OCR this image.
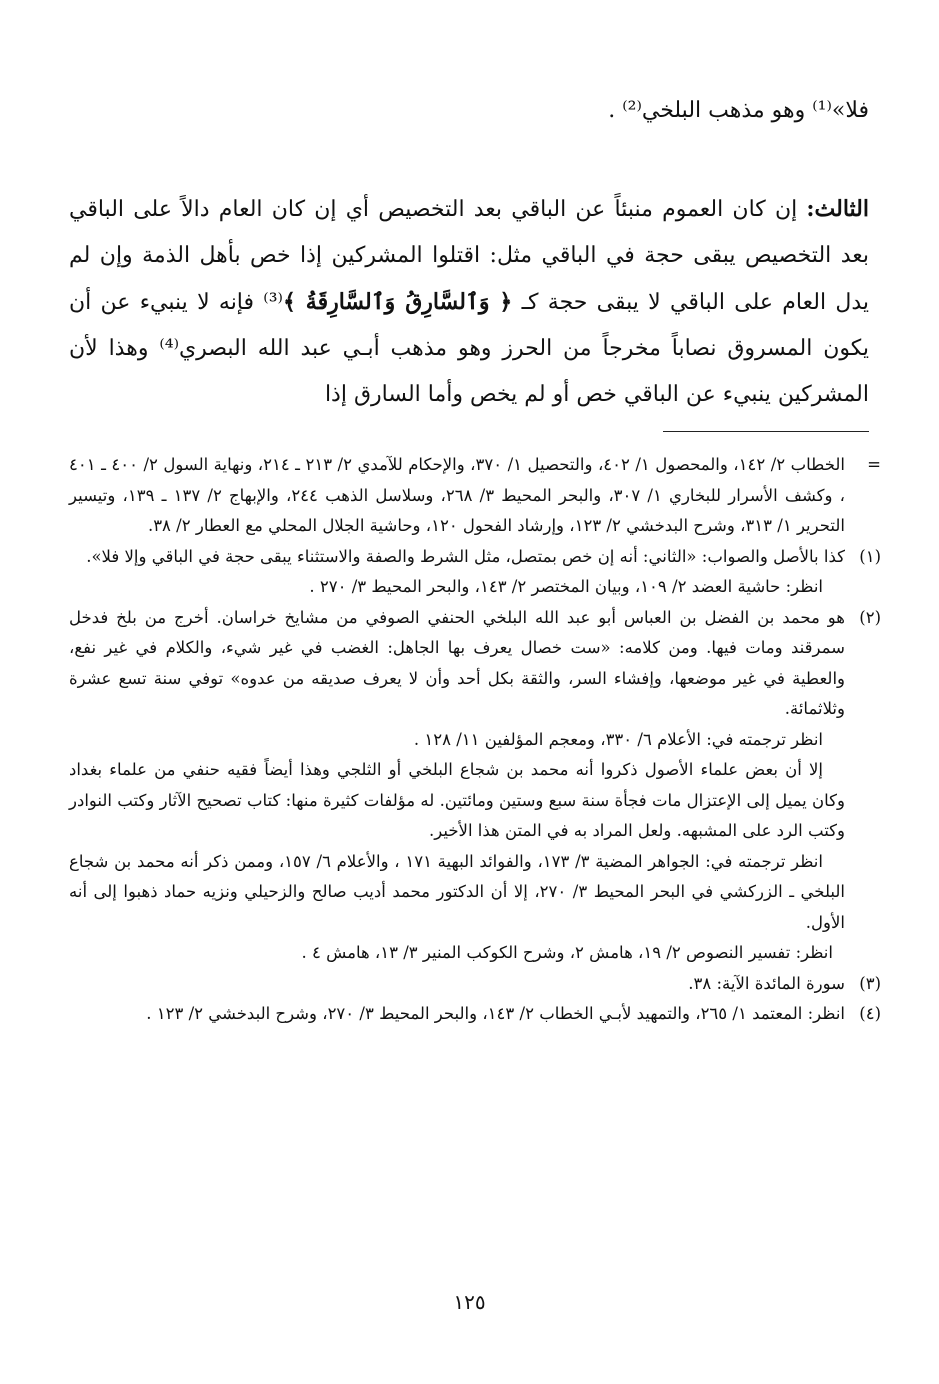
فلا»⁽¹⁾ وهو مذهب البلخي⁽²⁾ .
الثالث: إن كان العموم منبئاً عن الباقي بعد التخصيص أي إن كان العام دالاً على الباقي بعد التخصيص يبقى حجة في الباقي مثل: اقتلوا المشركين إذا خص بأهل الذمة وإن لم يدل العام على الباقي لا يبقى حجة كـ ﴿ وَٱلسَّارِقُ وَٱلسَّارِقَةُ ﴾⁽³⁾ فإنه لا ينبيء عن أن يكون المسروق نصاباً مخرجاً من الحرز وهو مذهب أبـي عبد الله البصري⁽⁴⁾ وهذا لأن المشركين ينبيء عن الباقي خص أو لم يخص وأما السارق إذا
=

الخطاب ٢/ ١٤٢، والمحصول ١/ ٤٠٢، والتحصيل ١/ ٣٧٠، والإحكام للآمدي ٢/ ٢١٣ ـ ٢١٤، ونهاية السول ٢/ ٤٠٠ ـ ٤٠١ ، وكشف الأسرار للبخاري ١/ ٣٠٧، والبحر المحيط ٣/ ٢٦٨، وسلاسل الذهب ٢٤٤، والإبهاج ٢/ ١٣٧ ـ ١٣٩، وتيسير التحرير ١/ ٣١٣، وشرح البدخشي ٢/ ١٢٣، وإرشاد الفحول ١٢٠، وحاشية الجلال المحلي مع العطار ٢/ ٣٨.

(١)

كذا بالأصل والصواب: «الثاني: أنه إن خص بمتصل، مثل الشرط والصفة والاستثناء يبقى حجة في الباقي وإلا فلا».

انظر: حاشية العضد ٢/ ١٠٩، وبيان المختصر ٢/ ١٤٣، والبحر المحيط ٣/ ٢٧٠ .

(٢)

هو محمد بن الفضل بن العباس أبو عبد الله البلخي الحنفي الصوفي من مشايخ خراسان. أخرج من بلخ فدخل سمرقند ومات فيها. ومن كلامه: «ست خصال يعرف بها الجاهل: الغضب في غير شيء، والكلام في غير نفع، والعطية في غير موضعها، وإفشاء السر، والثقة بكل أحد وأن لا يعرف صديقه من عدوه» توفي سنة تسع عشرة وثلاثمائة.

انظر ترجمته في: الأعلام ٦/ ٣٣٠، ومعجم المؤلفين ١١/ ١٢٨ .

إلا أن بعض علماء الأصول ذكروا أنه محمد بن شجاع البلخي أو الثلجي وهذا أيضاً فقيه حنفي من علماء بغداد وكان يميل إلى الإعتزال مات فجأة سنة سبع وستين ومائتين. له مؤلفات كثيرة منها: كتاب تصحيح الآثار وكتب النوادر وكتب الرد على المشبهه. ولعل المراد به في المتن هذا الأخير.

انظر ترجمته في: الجواهر المضية ٣/ ١٧٣، والفوائد البهية ١٧١ ، والأعلام ٦/ ١٥٧، وممن ذكر أنه محمد بن شجاع البلخي ـ الزركشي في البحر المحيط ٣/ ٢٧٠، إلا أن الدكتور محمد أديب صالح والزحيلي ونزيه حماد ذهبوا إلى أنه الأول.

انظر: تفسير النصوص ٢/ ١٩، هامش ٢، وشرح الكوكب المنير ٣/ ١٣، هامش ٤ .

(٣)

سورة المائدة الآية: ٣٨.

(٤)

انظر: المعتمد ١/ ٢٦٥، والتمهيد لأبـي الخطاب ٢/ ١٤٣، والبحر المحيط ٣/ ٢٧٠، وشرح البدخشي ٢/ ١٢٣ .

١٢٥
